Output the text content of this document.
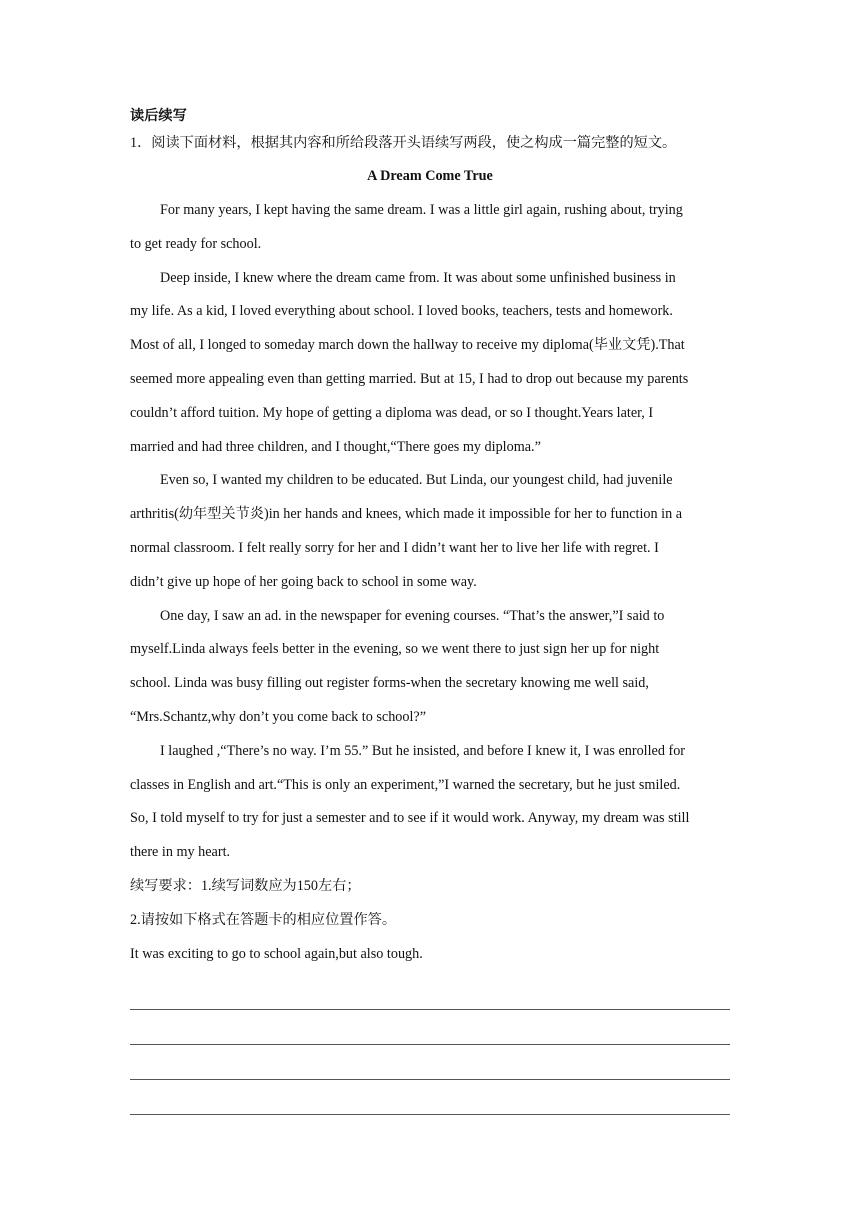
读后续写
1．阅读下面材料，根据其内容和所给段落开头语续写两段，使之构成一篇完整的短文。
A Dream Come True
For many years, I kept having the same dream. I was a little girl again, rushing about, trying
to get ready for school.
Deep inside, I knew where the dream came from. It was about some unfinished business in
my life. As a kid, I loved everything about school. I loved books, teachers, tests and homework.
Most of all, I longed to someday march down the hallway to receive my diploma(毕业文凭).That
seemed more appealing even than getting married. But at 15, I had to drop out because my parents
couldn’t afford tuition. My hope of getting a diploma was dead, or so I thought.Years later, I
married and had three children, and I thought,“There goes my diploma.”
Even so, I wanted my children to be educated. But Linda, our youngest child, had juvenile
arthritis(幼年型关节炎)in her hands and knees, which made it impossible for her to function in a
normal classroom. I felt really sorry for her and I didn’t want her to live her life with regret. I
didn’t give up hope of her going back to school in some way.
One day, I saw an ad. in the newspaper for evening courses. “That’s the answer,”I said to
myself.Linda always feels better in the evening, so we went there to just sign her up for night
school. Linda was busy filling out register forms-when the secretary knowing me well said,
“Mrs.Schantz,why don’t you come back to school?”
I laughed ,“There’s no way. I’m 55.” But he insisted, and before I knew it, I was enrolled for
classes in English and art.“This is only an experiment,”I warned the secretary, but he just smiled.
So, I told myself to try for just a semester and to see if it would work. Anyway, my dream was still
there in my heart.
续写要求：1.续写词数应为150左右；
2.请按如下格式在答题卡的相应位置作答。
It was exciting to go to school again,but also tough.
